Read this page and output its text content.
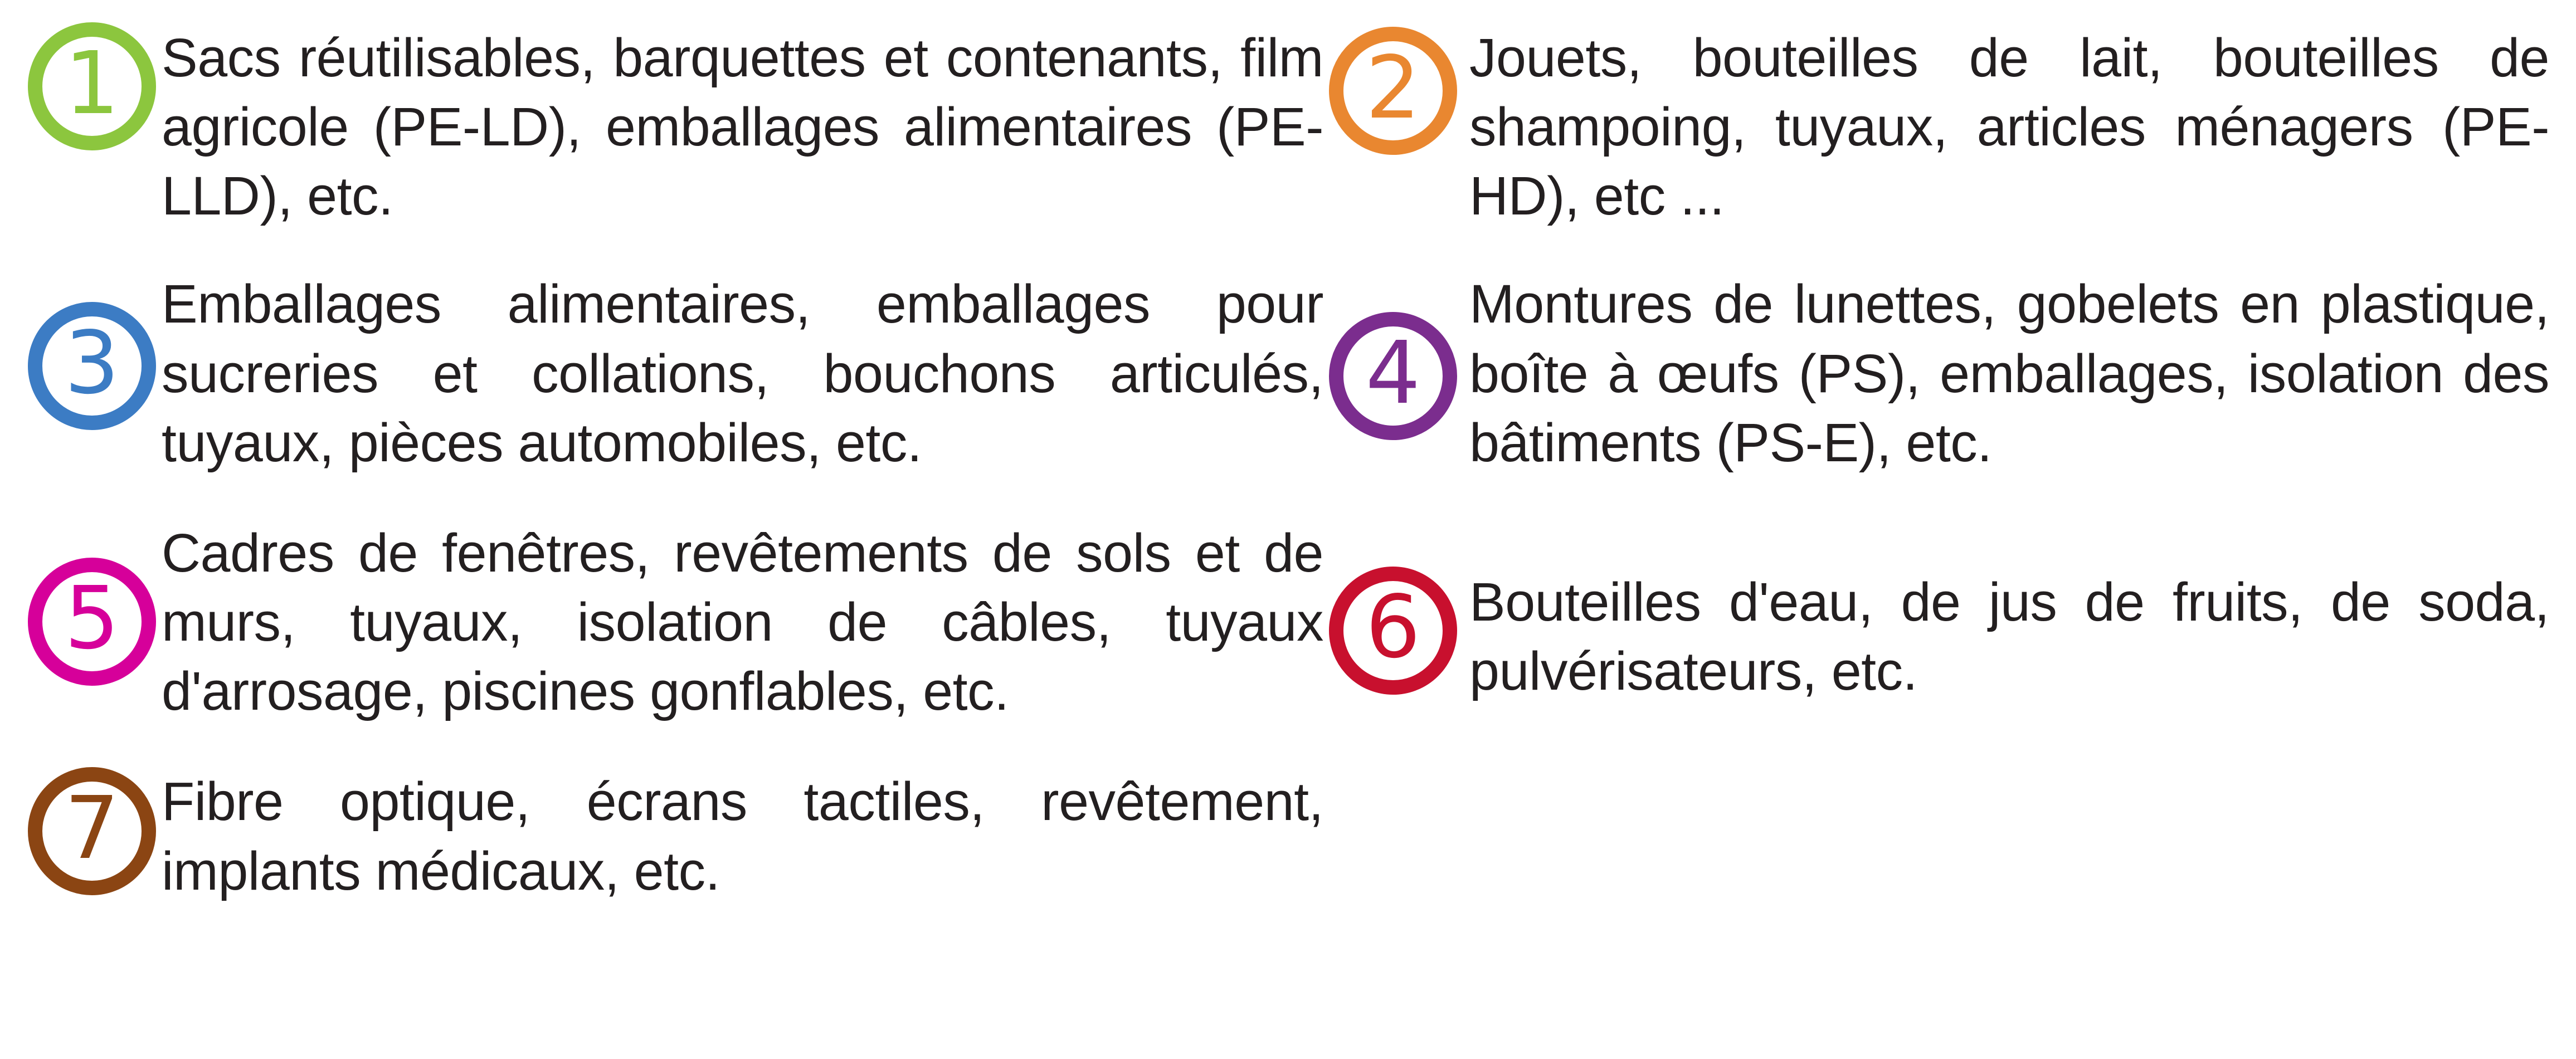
1 Sacs réutilisables, barquettes et contenants, film agricole (PE-LD), emballages alimentaires (PE-LLD), etc.
3
Emballages alimentaires, emballages pour sucreries et collations, bouchons articulés, tuyaux, pièces automobiles, etc.
5
Cadres de fenêtres, revêtements de sols et de murs, tuyaux, isolation de câbles, tuyaux d'arrosage, piscines gonflables, etc.
7 Fibre optique, écrans tactiles, revêtement, implants médicaux, etc.
2 Jouets, bouteilles de lait, bouteilles de shampoing, tuyaux, articles ménagers (PE-HD), etc ...
4
Montures de lunettes, gobelets en plastique, boîte à œufs (PS), emballages, isolation des bâtiments (PS-E), etc.
6 Bouteilles d'eau, de jus de fruits, de soda, pulvérisateurs, etc.
